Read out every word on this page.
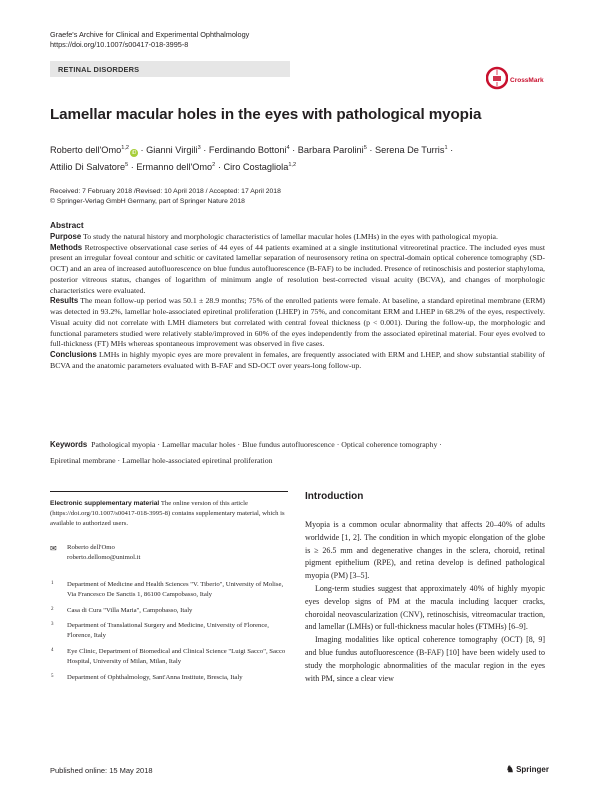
Graefe's Archive for Clinical and Experimental Ophthalmology
https://doi.org/10.1007/s00417-018-3995-8
RETINAL DISORDERS
CrossMark
Lamellar macular holes in the eyes with pathological myopia
Roberto dell'Omo$^{1,2}$iD · Gianni Virgili$^3$ · Ferdinando Bottoni$^4$ · Barbara Parolini$^5$ · Serena De Turris$^1$ ·
Attilio Di Salvatore$^5$ · Ermanno dell'Omo$^2$ · Ciro Costagliola$^{1,2}$
Received: 7 February 2018 /Revised: 10 April 2018 / Accepted: 17 April 2018
© Springer-Verlag GmbH Germany, part of Springer Nature 2018
Abstract

Purpose To study the natural history and morphologic characteristics of lamellar macular holes (LMHs) in the eyes with pathological myopia.

Methods Retrospective observational case series of 44 eyes of 44 patients examined at a single institutional vitreoretinal practice. The included eyes must present an irregular foveal contour and schitic or cavitated lamellar separation of neurosensory retina on spectral-domain optical coherence tomography (SD-OCT) and an area of increased autofluorescence on blue fundus autofluorescence (B-FAF) to be included. Presence of retinoschisis and posterior staphyloma, posterior vitreous status, changes of logarithm of minimum angle of resolution best-corrected visual acuity (BCVA), and changes of morphologic characteristics were evaluated.

Results The mean follow-up period was 50.1 ± 28.9 months; 75% of the enrolled patients were female. At baseline, a standard epiretinal membrane (ERM) was detected in 93.2%, lamellar hole-associated epiretinal proliferation (LHEP) in 75%, and concomitant ERM and LHEP in 68.2% of the eyes, respectively. Visual acuity did not correlate with LMH diameters but correlated with central foveal thickness (p < 0.001). During the follow-up, the morphologic and functional parameters studied were relatively stable/improved in 60% of the eyes independently from the associated epiretinal material. Four eyes evolved to full-thickness (FT) MHs whereas spontaneous improvement was observed in five cases.

Conclusions LMHs in highly myopic eyes are more prevalent in females, are frequently associated with ERM and LHEP, and show substantial stability of BCVA and the anatomic parameters evaluated with B-FAF and SD-OCT over years-long follow-up.

Keywords Pathological myopia · Lamellar macular holes · Blue fundus autofluorescence · Optical coherence tomography ·
Epiretinal membrane · Lamellar hole-associated epiretinal proliferation
Electronic supplementary material The online version of this article (https://doi.org/10.1007/s00417-018-3995-8) contains supplementary material, which is available to authorized users.
✉	Roberto dell'Omo
roberto.dellomo@unimol.it
1 Department of Medicine and Health Sciences "V. Tiberio", University of Molise, Via Francesco De Sanctis 1, 86100 Campobasso, Italy
2 Casa di Cura "Villa Maria", Campobasso, Italy
3 Department of Translational Surgery and Medicine, University of Florence, Florence, Italy
4 Eye Clinic, Department of Biomedical and Clinical Science "Luigi Sacco", Sacco Hospital, University of Milan, Milan, Italy
5 Department of Ophthalmology, Sant'Anna Institute, Brescia, Italy
Introduction

Myopia is a common ocular abnormality that affects 20–40% of adults worldwide [1, 2]. The condition in which myopic elongation of the globe is ≥ 26.5 mm and degenerative changes in the sclera, choroid, retinal pigment epithelium (RPE), and retina develop is defined pathological myopia (PM) [3–5].

Long-term studies suggest that approximately 40% of highly myopic eyes develop signs of PM at the macula including lacquer cracks, choroidal neovascularization (CNV), retinoschisis, vitreomacular traction, and lamellar (LMHs) or full-thickness macular holes (FTMHs) [6–9].

Imaging modalities like optical coherence tomography (OCT) [8, 9] and blue fundus autofluorescence (B-FAF) [10] have been widely used to study the morphologic abnormalities of the macular region in the eyes with PM, since a clear view

Published online: 15 May 2018	♞ Springer
